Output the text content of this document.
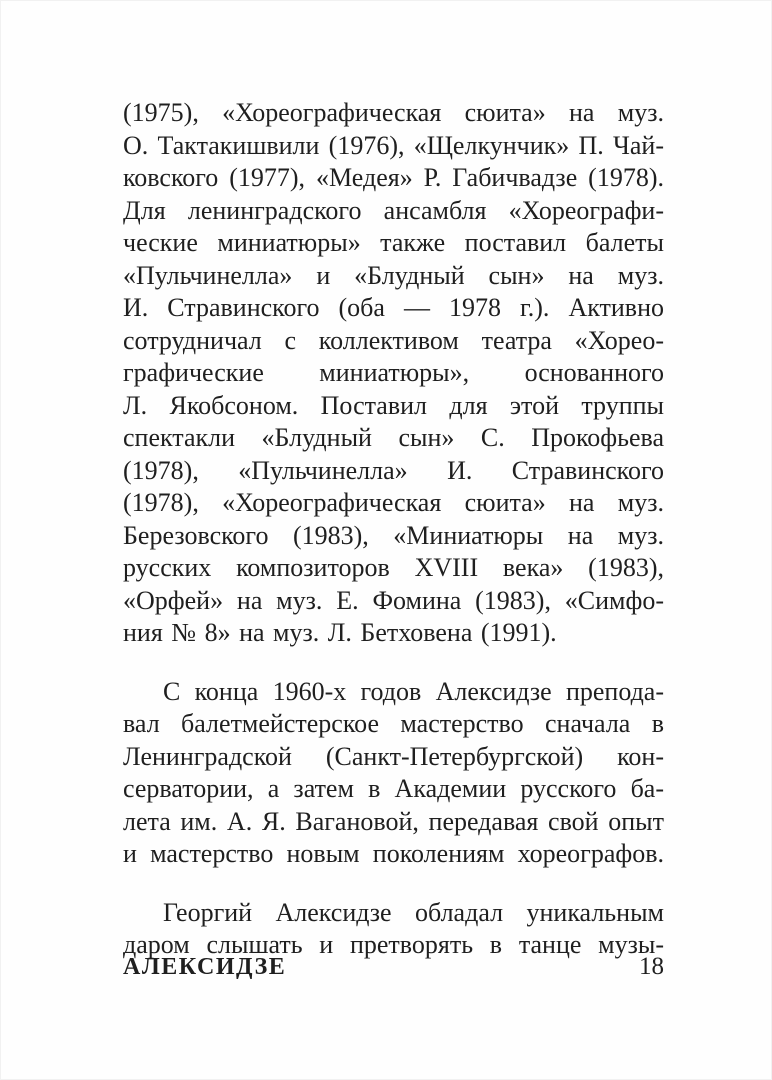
(1975), «Хореографическая сюита» на муз.
О. Тактакишвили (1976), «Щелкунчик» П. Чай-
ковского (1977), «Медея» Р. Габичвадзе (1978).
Для ленинградского ансамбля «Хореографи-
ческие миниатюры» также поставил балеты
«Пульчинелла» и «Блудный сын» на муз.
И. Стравинского (оба — 1978 г.). Активно
сотрудничал с коллективом театра «Хорео-
графические миниатюры», основанного
Л. Якобсоном. Поставил для этой труппы
спектакли «Блудный сын» С. Прокофьева
(1978), «Пульчинелла» И. Стравинского
(1978), «Хореографическая сюита» на муз.
Березовского (1983), «Миниатюры на муз.
русских композиторов XVIII века» (1983),
«Орфей» на муз. Е. Фомина (1983), «Симфо-
ния № 8» на муз. Л. Бетховена (1991).

С конца 1960-х годов Алексидзе препода-
вал балетмейстерское мастерство сначала в
Ленинградской (Санкт-Петербургской) кон-
серватории, а затем в Академии русского ба-
лета им. А. Я. Вагановой, передавая свой опыт
и мастерство новым поколениям хореографов.

Георгий Алексидзе обладал уникальным
даром слышать и претворять в танце музы-

АЛЕКСИДЗЕ	18
